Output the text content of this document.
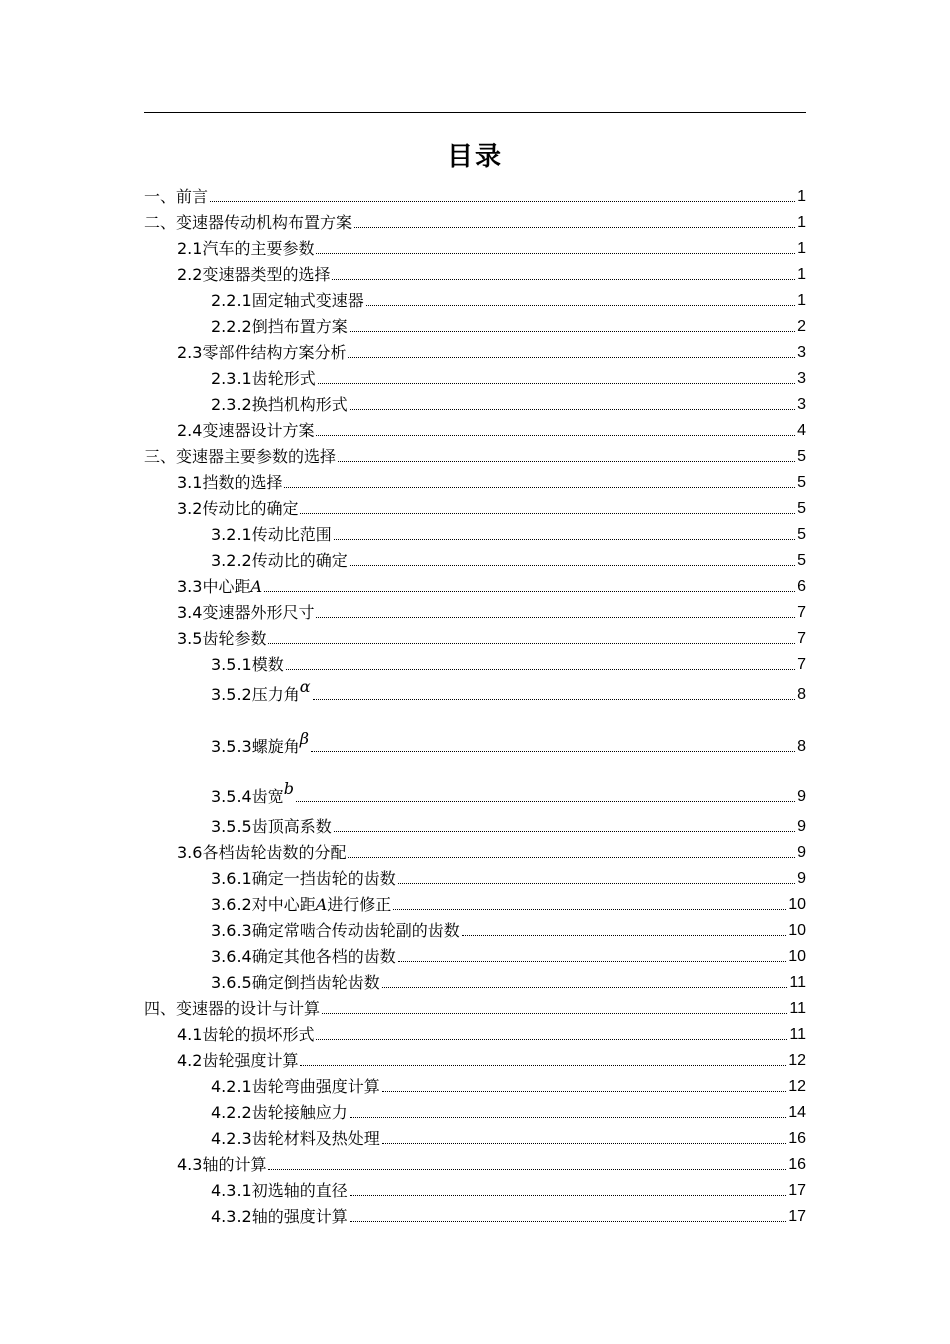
目录
一、前言	1
二、变速器传动机构布置方案	1
2.1汽车的主要参数	1
2.2变速器类型的选择	1
2.2.1固定轴式变速器	1
2.2.2倒挡布置方案	2
2.3零部件结构方案分析	3
2.3.1齿轮形式	3
2.3.2换挡机构形式	3
2.4变速器设计方案	4
三、变速器主要参数的选择	5
3.1挡数的选择	5
3.2传动比的确定	5
3.2.1传动比范围	5
3.2.2传动比的确定	5
3.3中心距A	6
3.4变速器外形尺寸	7
3.5齿轮参数	7
3.5.1模数	7
3.5.2压力角α	8
3.5.3螺旋角β	8
3.5.4齿宽b	9
3.5.5齿顶高系数	9
3.6各档齿轮齿数的分配	9
3.6.1确定一挡齿轮的齿数	9
3.6.2对中心距A进行修正	10
3.6.3确定常啮合传动齿轮副的齿数	10
3.6.4确定其他各档的齿数	10
3.6.5确定倒挡齿轮齿数	11
四、变速器的设计与计算	11
4.1齿轮的损坏形式	11
4.2齿轮强度计算	12
4.2.1齿轮弯曲强度计算	12
4.2.2齿轮接触应力	14
4.2.3齿轮材料及热处理	16
4.3轴的计算	16
4.3.1初选轴的直径	17
4.3.2轴的强度计算	17
